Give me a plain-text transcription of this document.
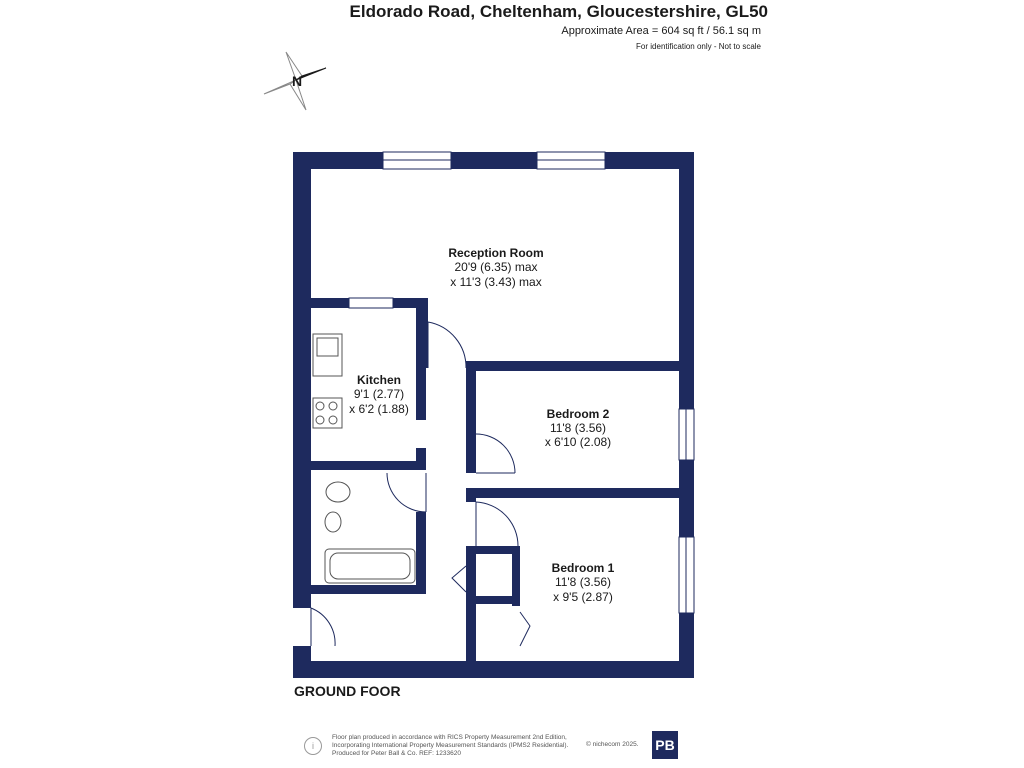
Eldorado Road, Cheltenham, Gloucestershire, GL50
Approximate Area = 604 sq ft / 56.1 sq m
For identification only - Not to scale
N
Reception Room
20'9 (6.35) max
x 11'3 (3.43) max
Kitchen
9'1 (2.77)
x 6'2 (1.88)	Bedroom 2
11'8 (3.56)
x 6'10 (2.08)
Bedroom 1
11'8 (3.56)
x 9'5 (2.87)
GROUND FOOR
i
Floor plan produced in accordance with RICS Property Measurement 2nd Edition,
Incorporating International Property Measurement Standards (IPMS2 Residential).
Produced for Peter Ball & Co. REF: 1233620
© nichecom 2025. PB
